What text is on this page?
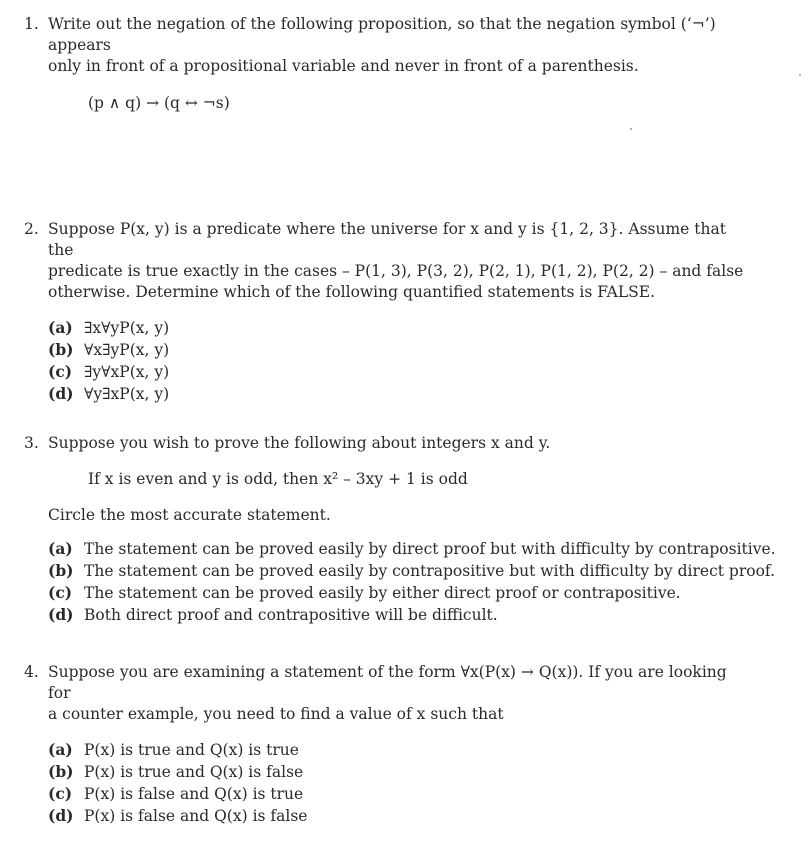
1. Write out the negation of the following proposition, so that the negation symbol (‘¬’) appears
only in front of a propositional variable and never in front of a parenthesis.
(p ∧ q) → (q ↔ ¬s)
2. Suppose P(x, y) is a predicate where the universe for x and y is {1, 2, 3}. Assume that the
predicate is true exactly in the cases – P(1, 3), P(3, 2), P(2, 1), P(1, 2), P(2, 2) – and false
otherwise. Determine which of the following quantified statements is FALSE.
(a) ∃x∀yP(x, y)
(b) ∀x∃yP(x, y)
(c) ∃y∀xP(x, y)
(d) ∀y∃xP(x, y)
3. Suppose you wish to prove the following about integers x and y.
If x is even and y is odd, then x² – 3xy + 1 is odd
Circle the most accurate statement.
(a) The statement can be proved easily by direct proof but with difficulty by contrapositive.
(b) The statement can be proved easily by contrapositive but with difficulty by direct proof.
(c) The statement can be proved easily by either direct proof or contrapositive.
(d) Both direct proof and contrapositive will be difficult.
4. Suppose you are examining a statement of the form ∀x(P(x) → Q(x)). If you are looking for
a counter example, you need to find a value of x such that
(a) P(x) is true and Q(x) is true
(b) P(x) is true and Q(x) is false
(c) P(x) is false and Q(x) is true
(d) P(x) is false and Q(x) is false
